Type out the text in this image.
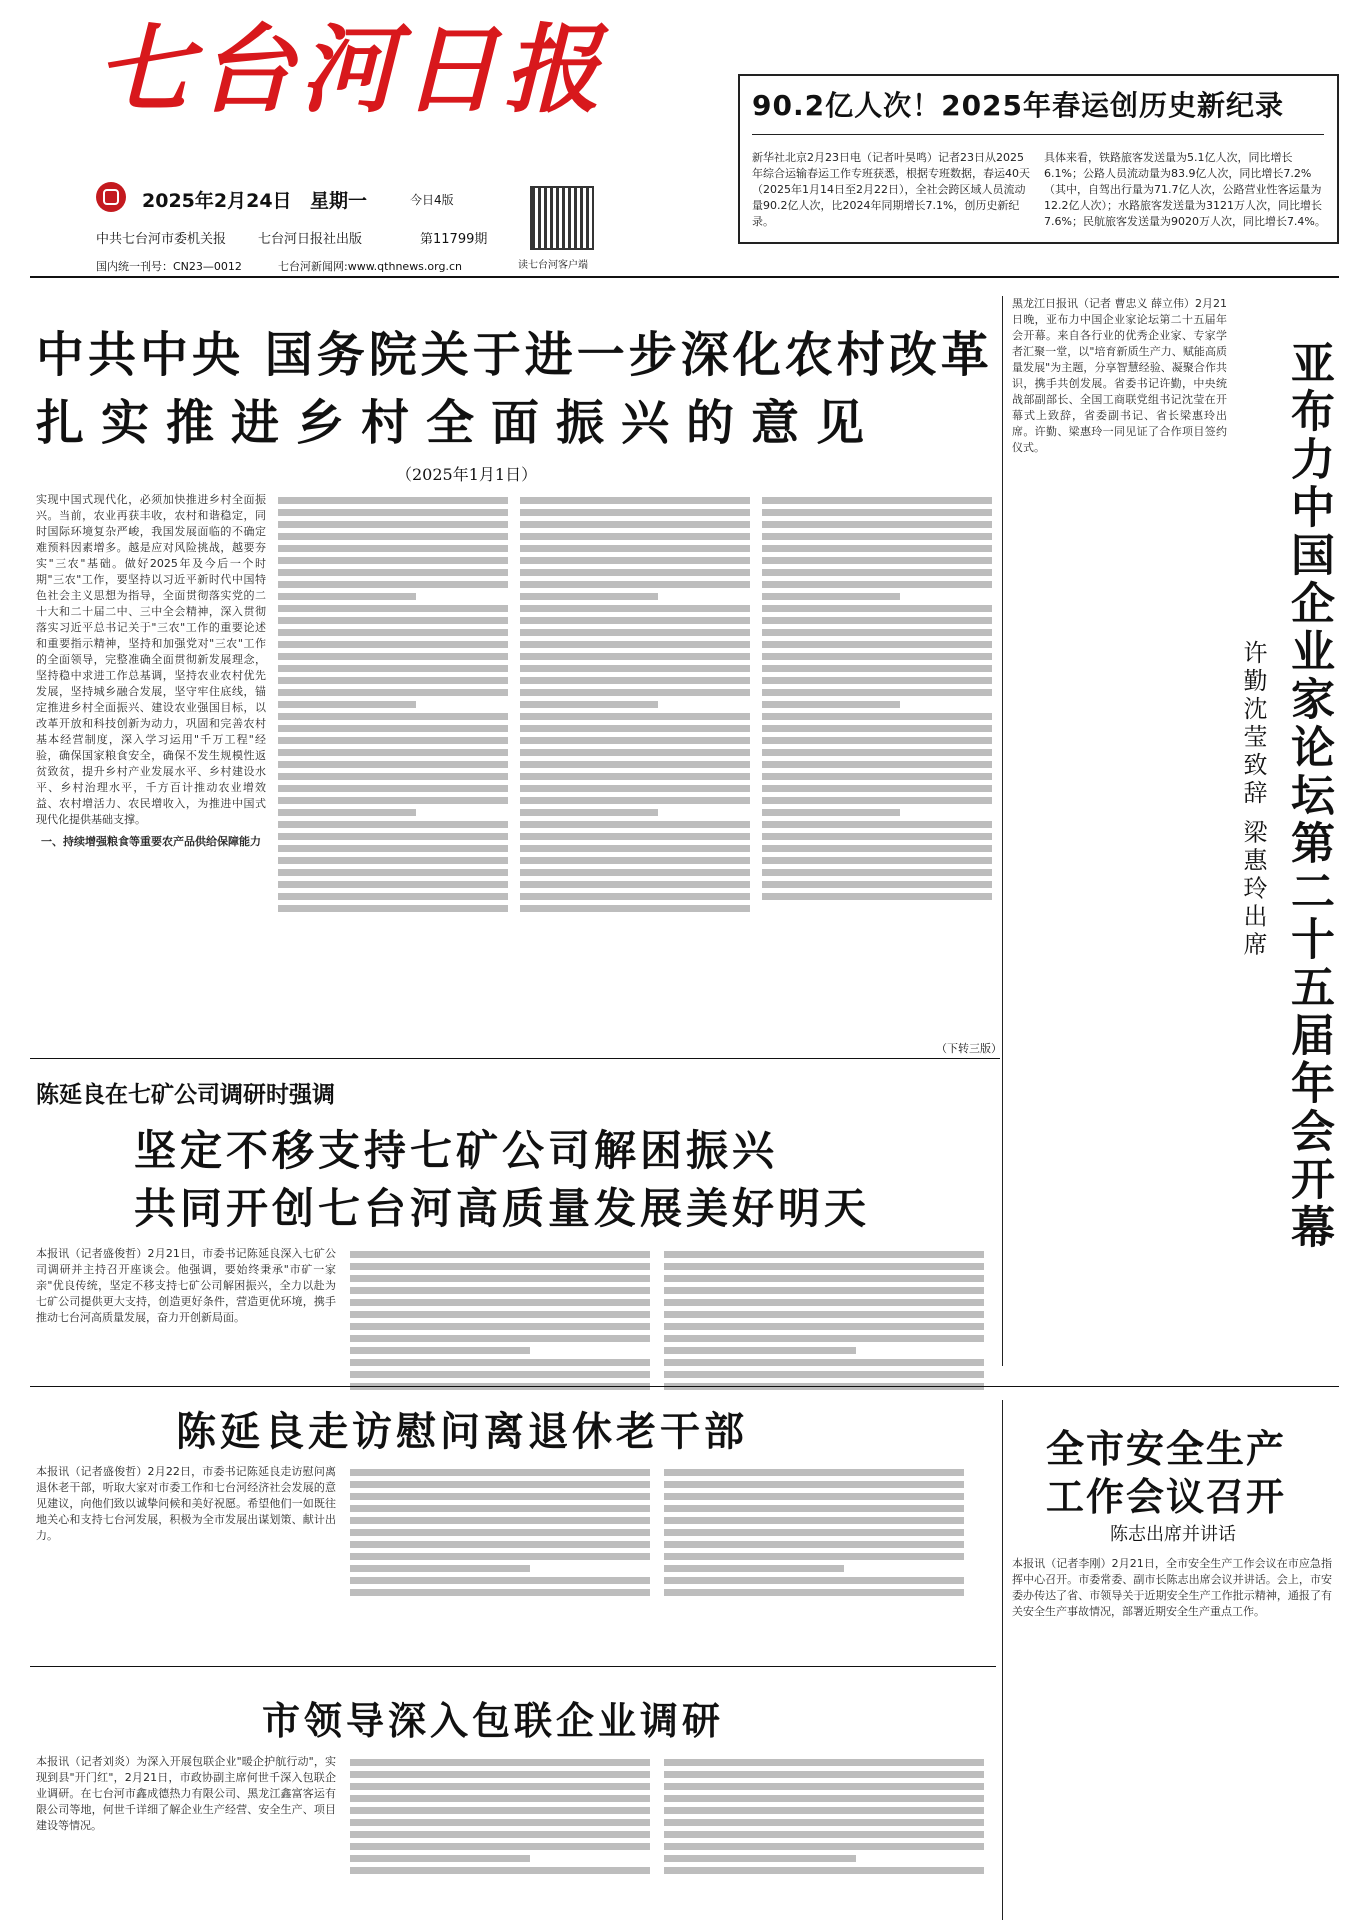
七台河日报
2025年2月24日 星期一	今日4版
中共七台河市委机关报 七台河日报社出版	第11799期
国内统一刊号：CN23—0012	七台河新闻网:www.qthnews.org.cn	读七台河客户端
90.2亿人次！2025年春运创历史新纪录
新华社北京2月23日电（记者叶昊鸣）记者23日从2025年综合运输春运工作专班获悉，根据专班数据，春运40天（2025年1月14日至2月22日），全社会跨区域人员流动量90.2亿人次，比2024年同期增长7.1%，创历史新纪录。
具体来看，铁路旅客发送量为5.1亿人次，同比增长6.1%；公路人员流动量为83.9亿人次，同比增长7.2%（其中，自驾出行量为71.7亿人次，公路营业性客运量为12.2亿人次）；水路旅客发送量为3121万人次，同比增长7.6%；民航旅客发送量为9020万人次，同比增长7.4%。
中共中央 国务院关于进一步深化农村改革
扎实推进乡村全面振兴的意见
（2025年1月1日）
实现中国式现代化，必须加快推进乡村全面振兴。当前，农业再获丰收，农村和谐稳定，同时国际环境复杂严峻，我国发展面临的不确定难预料因素增多。越是应对风险挑战，越要夯实"三农"基础。做好2025年及今后一个时期"三农"工作，要坚持以习近平新时代中国特色社会主义思想为指导，全面贯彻落实党的二十大和二十届二中、三中全会精神，深入贯彻落实习近平总书记关于"三农"工作的重要论述和重要指示精神，坚持和加强党对"三农"工作的全面领导，完整准确全面贯彻新发展理念，坚持稳中求进工作总基调，坚持农业农村优先发展，坚持城乡融合发展，坚守牢住底线，锚定推进乡村全面振兴、建设农业强国目标，以改革开放和科技创新为动力，巩固和完善农村基本经营制度，深入学习运用"千万工程"经验，确保国家粮食安全，确保不发生规模性返贫致贫，提升乡村产业发展水平、乡村建设水平、乡村治理水平，千方百计推动农业增效益、农村增活力、农民增收入，为推进中国式现代化提供基础支撑。
一、持续增强粮食等重要农产品供给保障能力
（下转三版）
黑龙江日报讯（记者 曹忠义 薛立伟）2月21日晚，亚布力中国企业家论坛第二十五届年会开幕。来自各行业的优秀企业家、专家学者汇聚一堂，以"培育新质生产力、赋能高质量发展"为主题，分享智慧经验、凝聚合作共识，携手共创发展。省委书记许勤，中央统战部副部长、全国工商联党组书记沈莹在开幕式上致辞，省委副书记、省长梁惠玲出席。许勤、梁惠玲一同见证了合作项目签约仪式。	亚布力中国企业家论坛第二十五届年会开幕
许勤沈莹致辞 梁惠玲出席
陈延良在七矿公司调研时强调
坚定不移支持七矿公司解困振兴
共同开创七台河高质量发展美好明天
本报讯（记者盛俊哲）2月21日，市委书记陈延良深入七矿公司调研并主持召开座谈会。他强调，要始终秉承"市矿一家亲"优良传统，坚定不移支持七矿公司解困振兴，全力以赴为七矿公司提供更大支持，创造更好条件，营造更优环境，携手推动七台河高质量发展，奋力开创新局面。
陈延良走访慰问离退休老干部
本报讯（记者盛俊哲）2月22日，市委书记陈延良走访慰问离退休老干部，听取大家对市委工作和七台河经济社会发展的意见建议，向他们致以诚挚问候和美好祝愿。希望他们一如既往地关心和支持七台河发展，积极为全市发展出谋划策、献计出力。
全市安全生产
工作会议召开
陈志出席并讲话
本报讯（记者李刚）2月21日，全市安全生产工作会议在市应急指挥中心召开。市委常委、副市长陈志出席会议并讲话。会上，市安委办传达了省、市领导关于近期安全生产工作批示精神，通报了有关安全生产事故情况，部署近期安全生产重点工作。
市领导深入包联企业调研
本报讯（记者刘炎）为深入开展包联企业"暖企护航行动"，实现到县"开门红"，2月21日，市政协副主席何世千深入包联企业调研。在七台河市鑫成德热力有限公司、黑龙江鑫富客运有限公司等地，何世千详细了解企业生产经营、安全生产、项目建设等情况。
